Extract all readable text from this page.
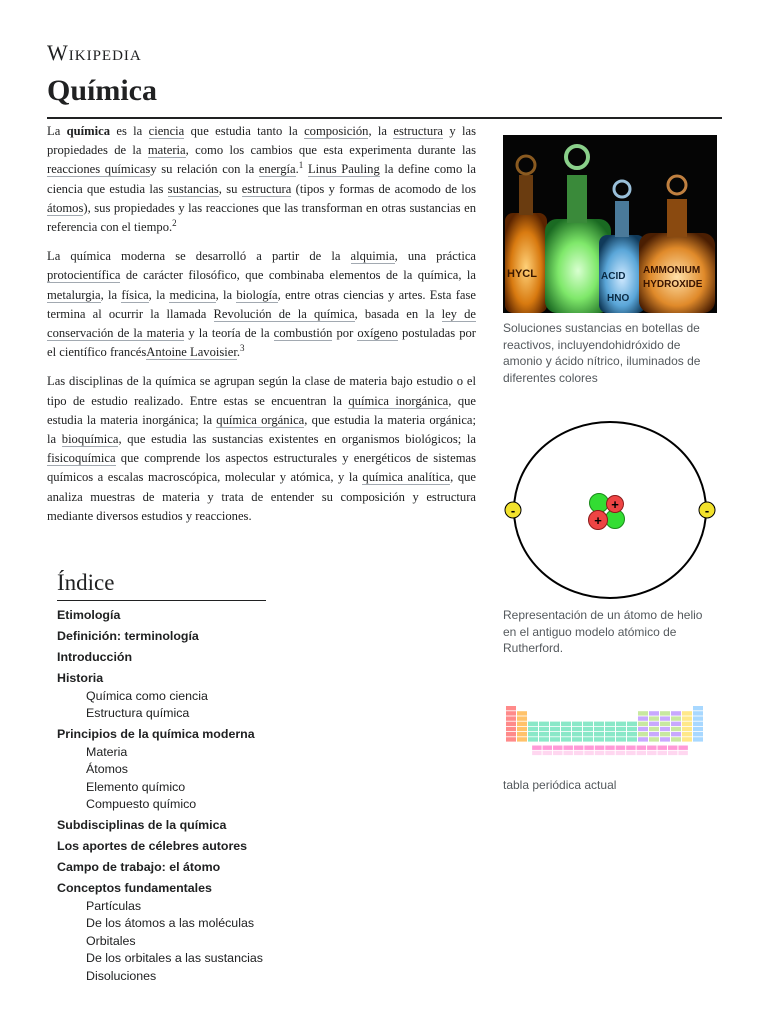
Wikipedia
Química

La química es la ciencia que estudia tanto la composición, la estructura y las propiedades de la materia, como los cambios que esta experimenta durante las reacciones químicasy su relación con la energía.$^1$ Linus Pauling la define como la ciencia que estudia las sustancias, su estructura (tipos y formas de acomodo de los átomos), sus propiedades y las reacciones que las transforman en otras sustancias en referencia con el tiempo.$^2$

La química moderna se desarrolló a partir de la alquimia, una práctica protocientífica de carácter filosófico, que combinaba elementos de la química, la metalurgia, la física, la medicina, la biología, entre otras ciencias y artes. Esta fase termina al ocurrir la llamada Revolución de la química, basada en la ley de conservación de la materia y la teoría de la combustión por oxígeno postuladas por el científico francésAntoine Lavoisier.$^3$

Las disciplinas de la química se agrupan según la clase de materia bajo estudio o el tipo de estudio realizado. Entre estas se encuentran la química inorgánica, que estudia la materia inorgánica; la química orgánica, que estudia la materia orgánica; la bioquímica, que estudia las sustancias existentes en organismos biológicos; la fisicoquímica que comprende los aspectos estructurales y energéticos de sistemas químicos a escalas macroscópica, molecular y atómica, y la química analítica, que analiza muestras de materia y trata de entender su composición y estructura mediante diversos estudios y reacciones.

HYCL	ACID
HNO
AMMONIUM
HYDROXIDE
Soluciones sustancias en botellas de reactivos, incluyendohidróxido de amonio y ácido nítrico, iluminados de diferentes colores
-	-
+
+
Representación de un átomo de helio en el antiguo modelo atómico de Rutherford.
tabla periódica actual
Índice
Etimología
Definición: terminología
Introducción
Historia
Química como ciencia
Estructura química
Principios de la química moderna
Materia
Átomos
Elemento químico
Compuesto químico
Subdisciplinas de la química
Los aportes de célebres autores
Campo de trabajo: el átomo
Conceptos fundamentales
Partículas
De los átomos a las moléculas
Orbitales
De los orbitales a las sustancias
Disoluciones
